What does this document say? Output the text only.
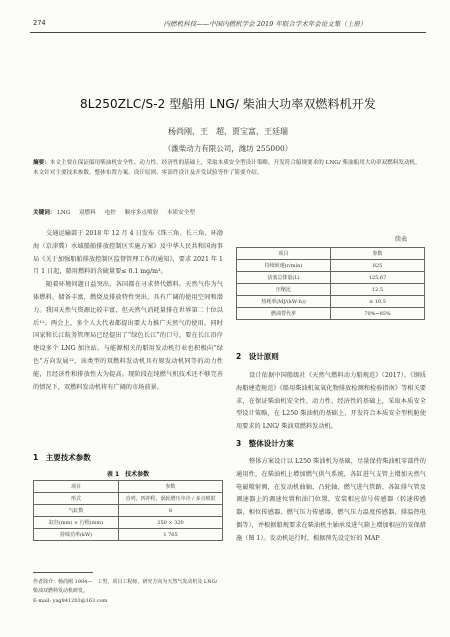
274	内燃机科技——中国内燃机学会 2019 年联合学术年会论文集（上册）
8L250ZLC/S-2 型船用 LNG/ 柴油大功率双燃料机开发
杨尚刚，王　超，贾宝富，王廷瑞
（潍柴动力有限公司，潍坊 255000）
摘要：本文主要在保证船用柴油机安全性、动力性、经济性的基础上，采取本质安全型设计策略，开发符合船规要求的 LNG/ 柴油船用大功率双燃料发动机。本文针对主要技术参数、整体布置方案、设计原则、零部件设计及开发试验等作了简要介绍。
关键词： LNG 双燃料 电控 顺序多点喷射 本质安全型

交通运输部于 2018 年 12 月 4 日发布《珠三角、长三角、环渤海（京津冀）水域船舶排放控制区实施方案》及中华人民共和国海事局《关于加强船舶排放控制区监督管理工作的通知》，要求 2021 年 1 月 1 日起，船用燃料的含硫量要≤ 0.1 mg/m³。

随着环境问题日益突出，各国都在寻求替代燃料。天然气作为气体燃料，储备丰富，燃烧及排放特性突出，具有广阔的使用空间和潜力。我国天然气资源比较丰富，但天然气消耗量排在世界第二十位以后¹¹。两会上，多个人大代表都提出要大力推广天然气的使用，同时国家和长江航务管理局已经提出了“绿色长江”的口号，要在长江沿岸建设多个 LNG 加注站。与能源相关的船用发动机行业也积极向“绿色”方向发展¹²，该类型的双燃料发动机具有原发动机同等的动力性能，且经济性和排放性大为提高。现阶段在纯燃气机技术还不够完善的情况下，双燃料发动机将有广阔的市场前景。

1　主要技术参数
表 1　技术参数
项目	参数
形式	直列，四冲程，涡轮增压中冷 / 多点喷射
气缸数	8
缸径(mm) × 行程(mm)	250 × 320
持续功率(kW)	1 765
作者简介：杨尚刚 1984—　工男，项目工程师，研究方向为天然气发动机及 LNG/ 柴油双燃料发动机研发。
E-mail: yag841203@163.com
续表
项目	参数
持续转速(r/min)	825
活塞总排量(L)	125.67
压缩比	12.5
热耗率(MJ/(kW·h))	≤ 10.5
燃油替代率	70%~85%
2　设计原则
设计依据中国船级社《天然气燃料动力船规范》（2017），《钢质海船建造规范》《船用柴油机氮氧化物排放检测和检验指南》等相关要求，在保证柴油机安全性、动力性、经济性的基础上，采取本质安全型设计策略，在 L250 柴油机的基础上，开发符合本质安全型机舱使用要求的 LNG/ 柴油双燃料发动机。
3　整体设计方案
整体方案设计以 L250 柴油机为基础，尽量保持柴油机零部件的通用性，在柴油机上增加燃气供气系统，各缸进气支管上增加天然气电磁喷射阀，在发动机曲轴、凸轮轴、燃气进气管路、各缸排气管及调速器上的调速位置和油门位置，安装相应信号传感器（转速传感器、相位传感器、燃气压力传感器、燃气压力温度传感器、排温热电偶等），并根据船规要求在柴油机主轴承及进气箱上增加相应的安保措施（图 1）。发动机运行时，根据预先设定好的 MAP
